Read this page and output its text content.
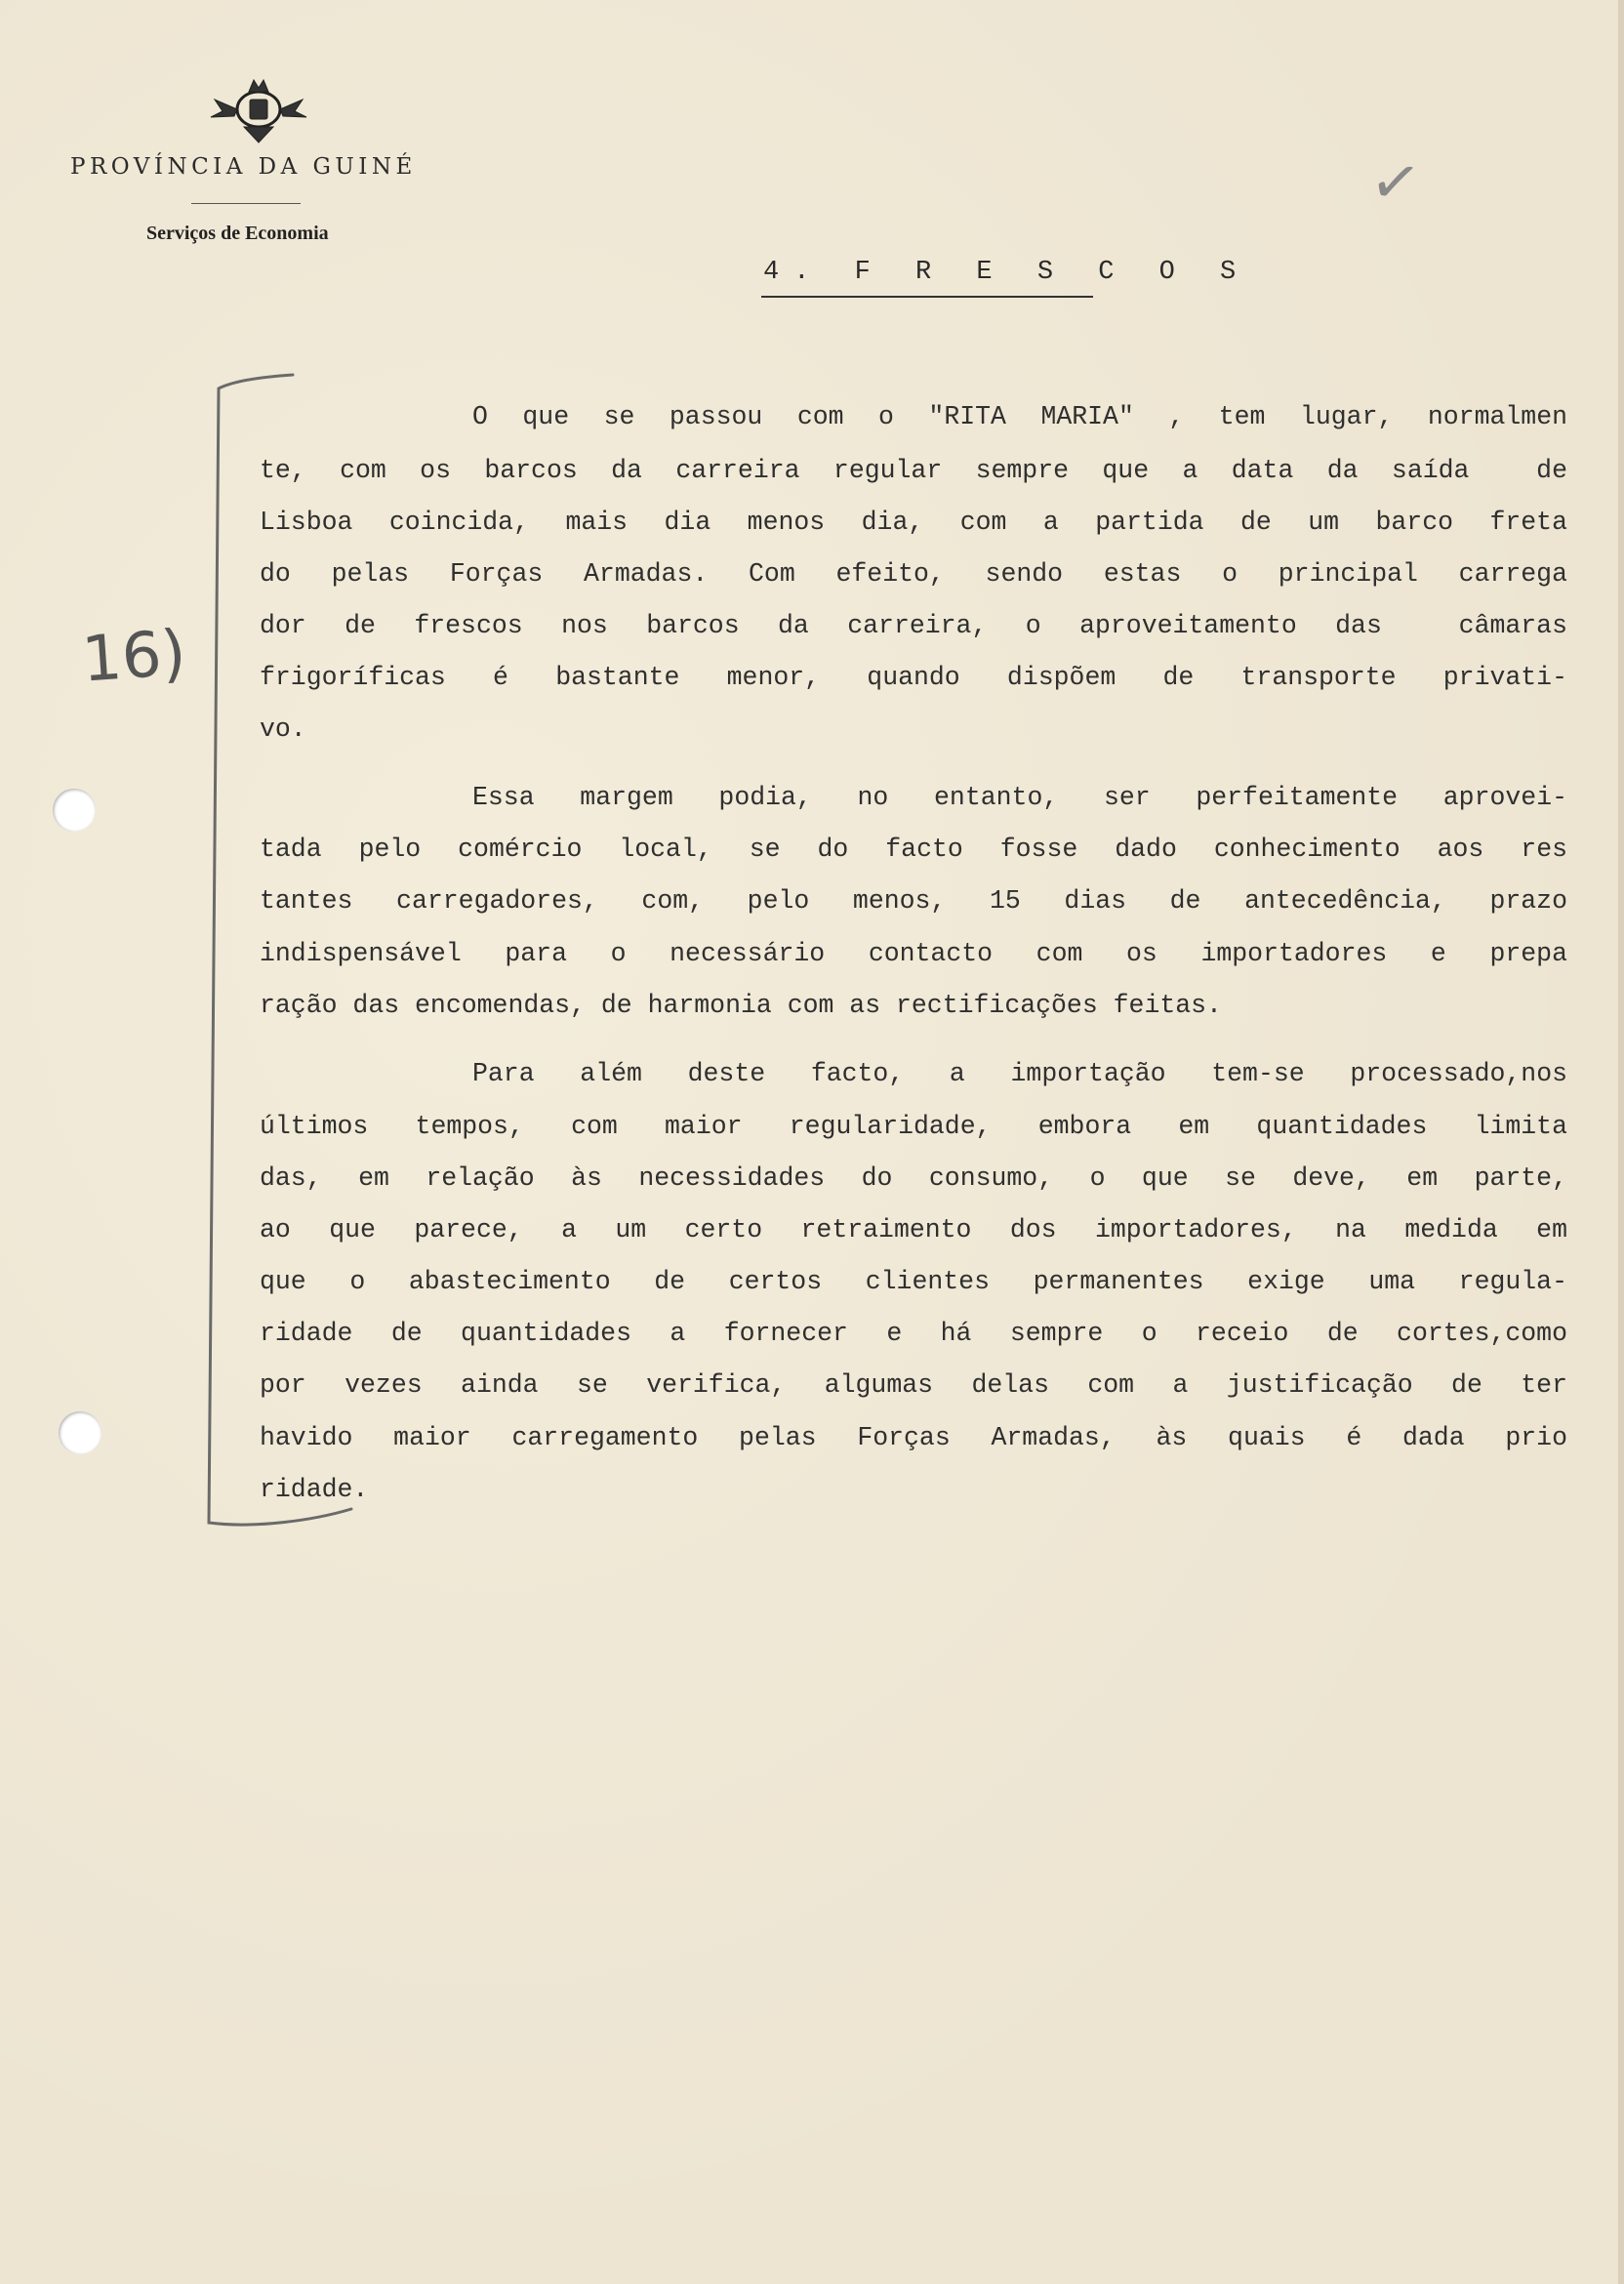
PROVÍNCIA DA GUINÉ
Serviços de Economia
✓
4. F R E S C O S
O que se passou com o "RITA MARIA" , tem lugar, normalmen
te, com os barcos da carreira regular sempre que a data da saída  de
Lisboa coincida, mais dia menos dia, com a partida de um barco freta
do pelas Forças Armadas. Com efeito, sendo estas o principal carrega
dor de frescos nos barcos da carreira, o aproveitamento das  câmaras
frigoríficas é bastante menor, quando dispõem de transporte privati-
vo.
Essa margem podia, no entanto, ser perfeitamente aprovei-
tada pelo comércio local, se do facto fosse dado conhecimento aos res
tantes carregadores, com, pelo menos, 15 dias de antecedência, prazo
indispensável para o necessário contacto com os importadores e prepa
ração das encomendas, de harmonia com as rectificações feitas.
Para além deste facto, a importação tem-se processado,nos
últimos tempos, com maior regularidade, embora em quantidades limita
das, em relação às necessidades do consumo, o que se deve, em parte,
ao que parece, a um certo retraimento dos importadores, na medida em
que o abastecimento de certos clientes permanentes exige uma regula-
ridade de quantidades a fornecer e há sempre o receio de cortes,como
por vezes ainda se verifica, algumas delas com a justificação de ter
havido maior carregamento pelas Forças Armadas, às quais é dada prio
ridade.
16)
